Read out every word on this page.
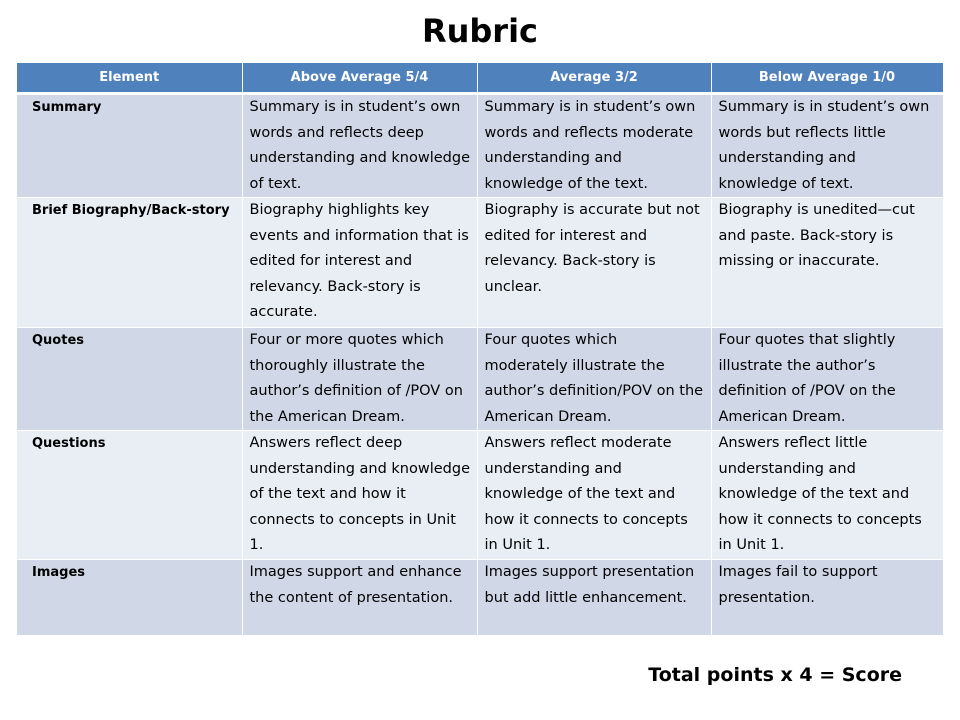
Rubric
Element	Above Average 5/4	Average 3/2	Below Average 1/0
Summary	Summary is in student’s own words and reflects deep understanding and knowledge of text.	Summary is in student’s own words and reflects moderate understanding and knowledge of the text.	Summary is in student’s own words but reflects little understanding and knowledge of text.
Brief Biography/Back-story	Biography highlights key events and information that is edited for interest and relevancy. Back-story is accurate.	Biography is accurate but not edited for interest and relevancy. Back-story is unclear.	Biography is unedited—cut and paste. Back-story is missing or inaccurate.
Quotes	Four or more quotes which thoroughly illustrate the author’s definition of /POV on the American Dream.	Four quotes which moderately illustrate the author’s definition/POV on the American Dream.	Four quotes that slightly illustrate the author’s definition of /POV on the American Dream.
Questions	Answers reflect deep understanding and knowledge of the text and how it connects to concepts in Unit 1.	Answers reflect moderate understanding and knowledge of the text and how it connects to concepts in Unit 1.	Answers reflect little understanding and knowledge of the text and how it connects to concepts in Unit 1.
Images	Images support and enhance the content of presentation.	Images support presentation but add little enhancement.	Images fail to support presentation.
Total points x 4 = Score
